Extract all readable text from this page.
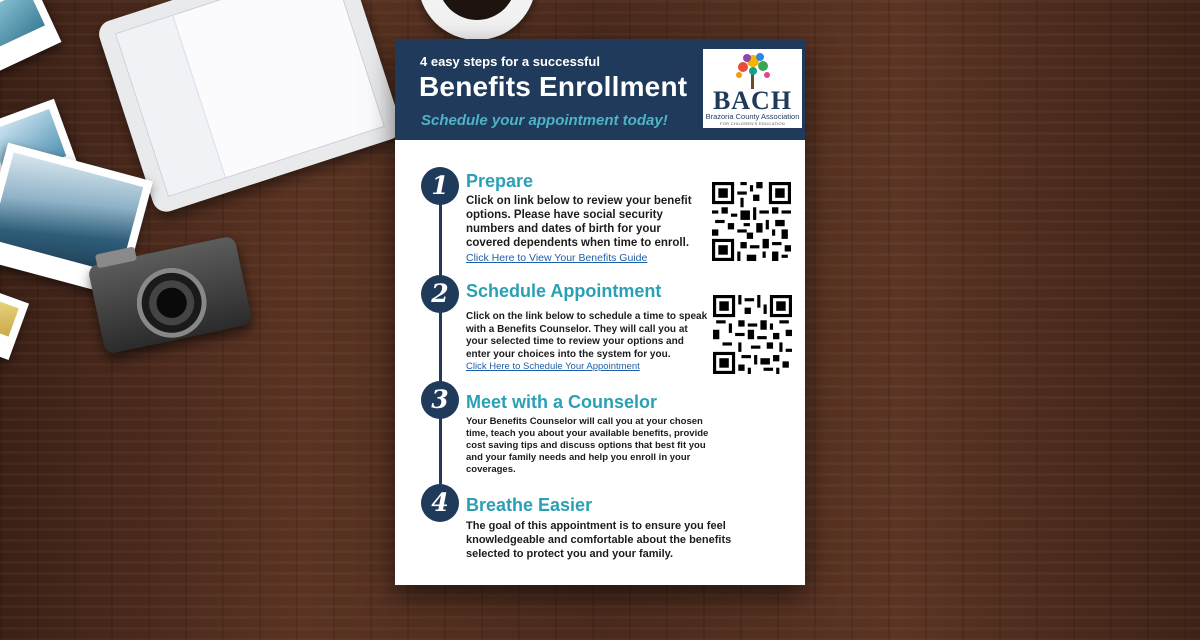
4 easy steps for a successful
Benefits Enrollment
Schedule your appointment today!
BACH
Brazoria County Association
FOR CHILDREN'S EDUCATION
1 Prepare
Click on link below to review your benefit options. Please have social security numbers and dates of birth for your covered dependents when time to enroll.
Click Here to View Your Benefits Guide
2 Schedule Appointment
Click on the link below to schedule a time to speak with a Benefits Counselor. They will call you at your selected time to review your options and enter your choices into the system for you.
Click Here to Schedule Your Appointment
3 Meet with a Counselor
Your Benefits Counselor will call you at your chosen time, teach you about your available benefits, provide cost saving tips and discuss options that best fit you and your family needs and help you enroll in your coverages.
4 Breathe Easier
The goal of this appointment is to ensure you feel knowledgeable and comfortable about the benefits selected to protect you and your family.
